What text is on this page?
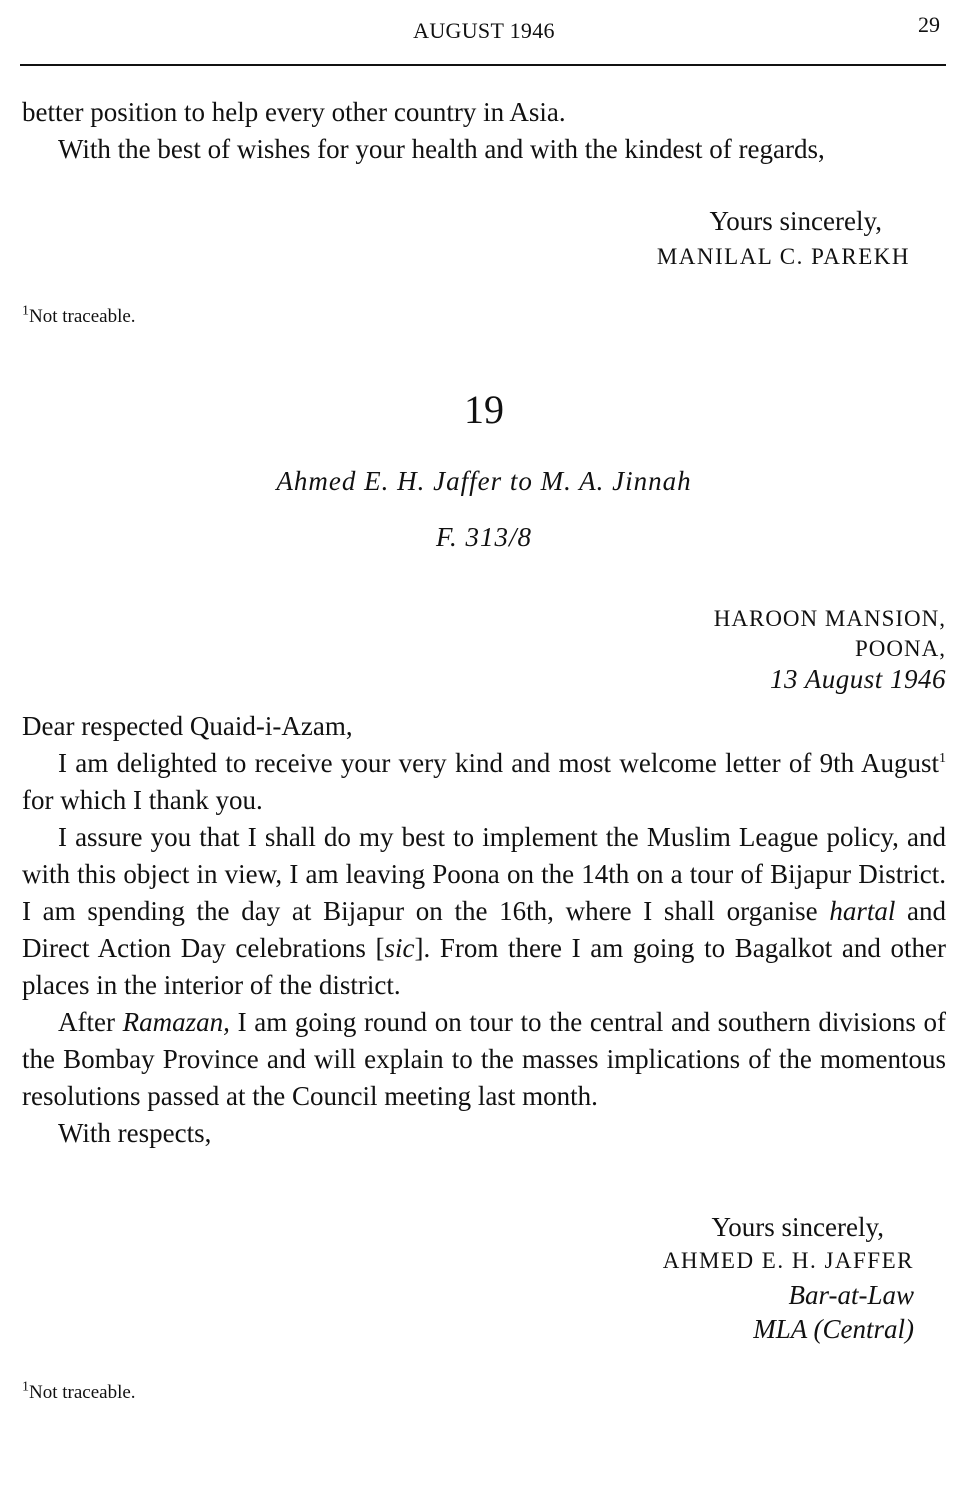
AUGUST 1946	29
better position to help every other country in Asia.
With the best of wishes for your health and with the kindest of regards,
Yours sincerely,
MANILAL C. PAREKH
$^1$Not traceable.
19
Ahmed E. H. Jaffer to M. A. Jinnah
F. 313/8
HAROON MANSION,
POONA,
13 August 1946
Dear respected Quaid-i-Azam,
I am delighted to receive your very kind and most welcome letter of 9th August$^1$ for which I thank you.
I assure you that I shall do my best to implement the Muslim League policy, and with this object in view, I am leaving Poona on the 14th on a tour of Bijapur District. I am spending the day at Bijapur on the 16th, where I shall organise hartal and Direct Action Day celebrations [sic]. From there I am going to Bagalkot and other places in the interior of the district.
After Ramazan, I am going round on tour to the central and southern divisions of the Bombay Province and will explain to the masses implications of the momentous resolutions passed at the Council meeting last month.
With respects,
Yours sincerely,
AHMED E. H. JAFFER
Bar-at-Law
MLA (Central)
$^1$Not traceable.
